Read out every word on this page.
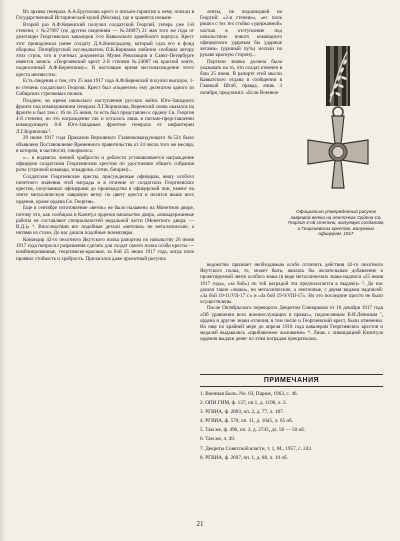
Из архива генерала А.А.Брусилова крест и письмо-гарантия к нему попали в Государственный Исторический музей (Москва), где и хранятся поныне.

Второй раз А.Ф.Керенский получил солдатский Георгий, теперь уже 2-й степени, с №27087 (по другим сведениям — №24087) 21 мая того же года от делегации Георгиевских кавалеров 3-го Кавказского армейского корпуса. Крест этот принадлежал ранее солдату Д.А.Виноградову, который сдал его в фонд обороны. Петербургский исследователь П.К.Корнаков любезно сообщил автору этих строк, что в учетных документах Музея Революции в Санкт-Петербурге имеется запись: «Георгиевский крест 2-й степени №24087 на красной ленте, подносенный А.Ф.Керенскому». В настоящее время местонахождение этого креста неизвестно.

Есть сведения о том, что 25 мая 1917 года А.Ф.Керенский получил высшую, 1-ю степень солдатского Георгия. Крест был «поднесен» ему делегатом одного из Сибирских стрелковых полков.

Позднее, во время июньского наступления русских войск Юго-Западного фронта под командованием генерала Л.Г.Корнилова, Керенский снова оказался на фронте и был там с 16 по 25 июня, то есть был представлен к ордену Св. Георгия 4-й степени, но это награждение так и осталось лишь в письме-представлении командующего 8-й Юго-Западным фронтом генерала от инфантерии Л.Г.Корнилова ³.

29 июня 1917 года Приказом Верховного Главнокомандующего №524 было объявлено Постановление Временного правительства от 24 числа того же месяца, в котором, в частности, говорилось:

«... в подвигах личной храбрости и доблести устанавливается награждение офицеров солдатским Георгиевским крестом по удостоению общего собрания роты (стрелкой команды, эскадрона, сотни, батареи)...

Солдатские Георгиевские кресты, присужденные офицерам, вешу особого почетного значения этой награды и в отличие от солдатских Георгиевских крестов, получаемых офицерами до производства в офицерский чин, имеют на ленте металлическую лавровую ветку по цвету креста и носятся выше всех орденов, кроме ордена Св. Георгия».

Еще в сентябре изготовление «веток» не было налажено на Монетном дворе, потому что, как сообщала в Капитул орденов начальство двора, «вовыдержанные работы не составляют специальностей медальной части (Монетного двора. — В.Д.)» ⁴. Впоследствии все подобные детали «веточки» не металлические, а нитями из стали. До нас дошли подобные экземпляры.

Командир 42-го пехотного Якутского полка рапортом по начальству 26 июня 1917 года попросил разрешения сделать для солдат своего полка особо кресты — комбинированные, георгиевско-красные, за бой 25 июня 1917 года, когда полк проявил стойкость и храбрость. Прилагался даже проектный рисунок

ленты, не подошедшей на Георгий: «2-я степень», «ес полк ришел с тех тех стойко «удержанной» частью в отступление под начальством нового командного офицерского ударным бы ударные четами» (удачный путь) носили на рукаве красную сторону...

Портион значка должна была указывать на то, что солдат отмечен в бою 25 июня. В рапорте этой мысли Кавказского отдана в сообщении в Главный Штаб, правда, лишь 3 октября, предложил: «Если Военное

Официально утвержденный рисунок лавровой ветки на ленточках Ордена Св. Георгия 4-ой степени, жалуемую солдатам, и Георгиевских крестов, жалуемых офицерам. 1917

ведомство признает необходимым особо отличить действия 42-го пехотного Якутского полка, то, может быть, явилась бы желательным добавление к проектируемой ленте особого знака (в виде металлических знака-надписи «25 июня 1917 года», «за бой») по той наградой эта предполагается к выдаче)» ⁵. До нас дошли такие «знаки», но металлические, а ленточные, с двумя видами надписей: «За бой 19-11/VII-17 г.» и «За бой 19-9/VIII-17». Но это последние просто не были осуществлены.

После Октябрьского переворота Декретом Совнаркома от 16 декабря 1917 года «Об уравнении всех военнослужащих в правах», подписанным В.И.Лениным ⁷, ордена и другие знаки отличия, в том числе и Георгиевский крест, были отменены. Но еще по крайней мере до апреля 1918 года кавалерам Георгиевских крестов и медалей выдавались «прибавочное жалование» ⁸. Лишь с ликвидацией Капитула орденов выдачи денег по этим наградам прекратилась.

ПРИМЕЧАНИЯ
1. Военная Быль. No. 63, Париж, 1963, с. 46.
2. ОПИ ГИМ, ф. 137, оп.1, д. 1196, л. 2.
3. РГВИА, ф. 2003, оп. 2, д. 77, л. 187.
4. РГВИА, ф. 570, оп. 11, д. 1045, л. 65 об.
5. Там же, ф. 496, оп. 2, д. 2743, дл. 50 — 50 об.
6. Там же, л. 49.
7. Декреты Советской власти, т. 1, М., 1957, с. 243.
8. РГВИА, ф. 2697, оп. 1, д. 88, л. 10 об.
21
